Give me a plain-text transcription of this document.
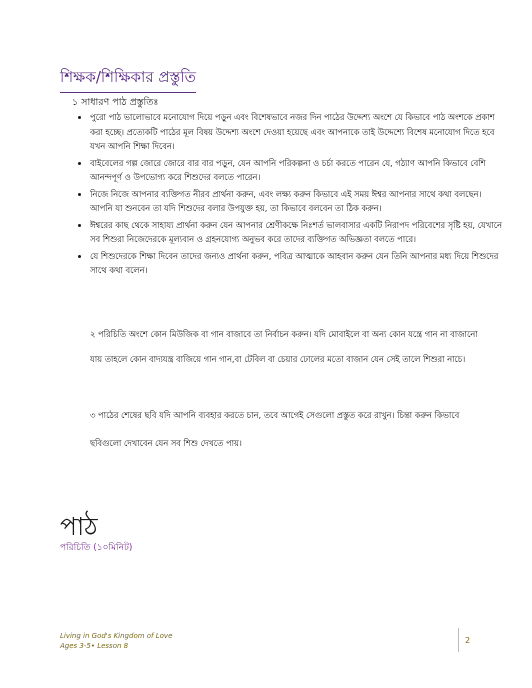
শিক্ষক/শিক্ষিকার প্রস্তুতি
১ সাধারণ পাঠ প্রস্তুতিঃ
• পুরো পাঠ ভালোভাবে মনোযোগ দিয়ে পড়ুন এবং বিশেষভাবে নজর দিন পাঠের উদ্দেশ্য অংশে যে কিভাবে পাঠ অংশকে প্রকাশ করা হচ্ছে। প্রত্যেকটি পাঠের মূল বিষয় উদ্দেশ্য অংশে দেওয়া হয়েছে এবং আপনাকে তাই উদ্দেশ্যে বিশেষ মনোযোগ দিতে হবে যখন আপনি শিক্ষা দিবেন।
• বাইবেলের গল্প জোরে জোরে বার বার পড়ুন, যেন আপনি পরিকল্পনা ও চর্চা করতে পারেন যে, গঠ্যাণ আপনি কিভাবে বেশি আনন্দপূর্ণ ও উপভোগ্য করে শিশুদের বলতে পারেন।
• নিজে নিজে আপনার ব্যক্তিগত নীরব প্রার্থনা করুন, এবং লক্ষ্য করুন কিভাবে এই সময় ঈশ্বর আপনার সাথে কথা বলছেন। আপনি যা শুনবেন তা যদি শিশুদের বলার উপযুক্ত হয়, তা কিভাবে বলবেন তা ঠিক করুন।
• ঈশ্বরের কাছ থেকে সাহায্য প্রার্থনা করুন যেন আপনার শ্রেণীকক্ষে নিঃশর্ত ভালবাসার একটি নিরাপদ পরিবেশের সৃষ্টি হয়, যেখানে সব শিশুরা নিজেদেরকে মূল্যবান ও গ্রহনযোগ্য অনুভব করে তাদের ব্যক্তিগত অভিজ্ঞতা বলতে পারে।
• যে শিশুদেরকে শিক্ষা দিবেন তাদের জন্যও প্রার্থনা করুন, পবিত্র আত্মাকে আহবান করুন যেন তিনি আপনার মধ্য দিয়ে শিশুদের সাথে কথা বলেন।

২ পরিচিতি অংশে কোন মিউজিক বা গান বাজাবে তা নির্বাচন করুন। যদি মোবাইলে বা অন্য কোন যন্ত্রে গান না বাজানো যায় তাহলে কোন বাদ্যযন্ত্র বাজিয়ে গান গান,বা টেবিল বা চেয়ার ঢোলের মতো বাজান যেন সেই তালে শিশুরা নাচে।

৩ পাঠের শেষের ছবি যদি আপনি ব্যবহার করতে চান, তবে আগেই সেগুলো প্রস্তুত করে রাখুন। চিন্তা করুন কিভাবে ছবিগুলো দেখাবেন যেন সব শিশু দেখতে পায়।

পাঠ
পরিচিতি (১০মিনিট)
Living in God's Kingdom of Love
Ages 3-5• Lesson 8
2
